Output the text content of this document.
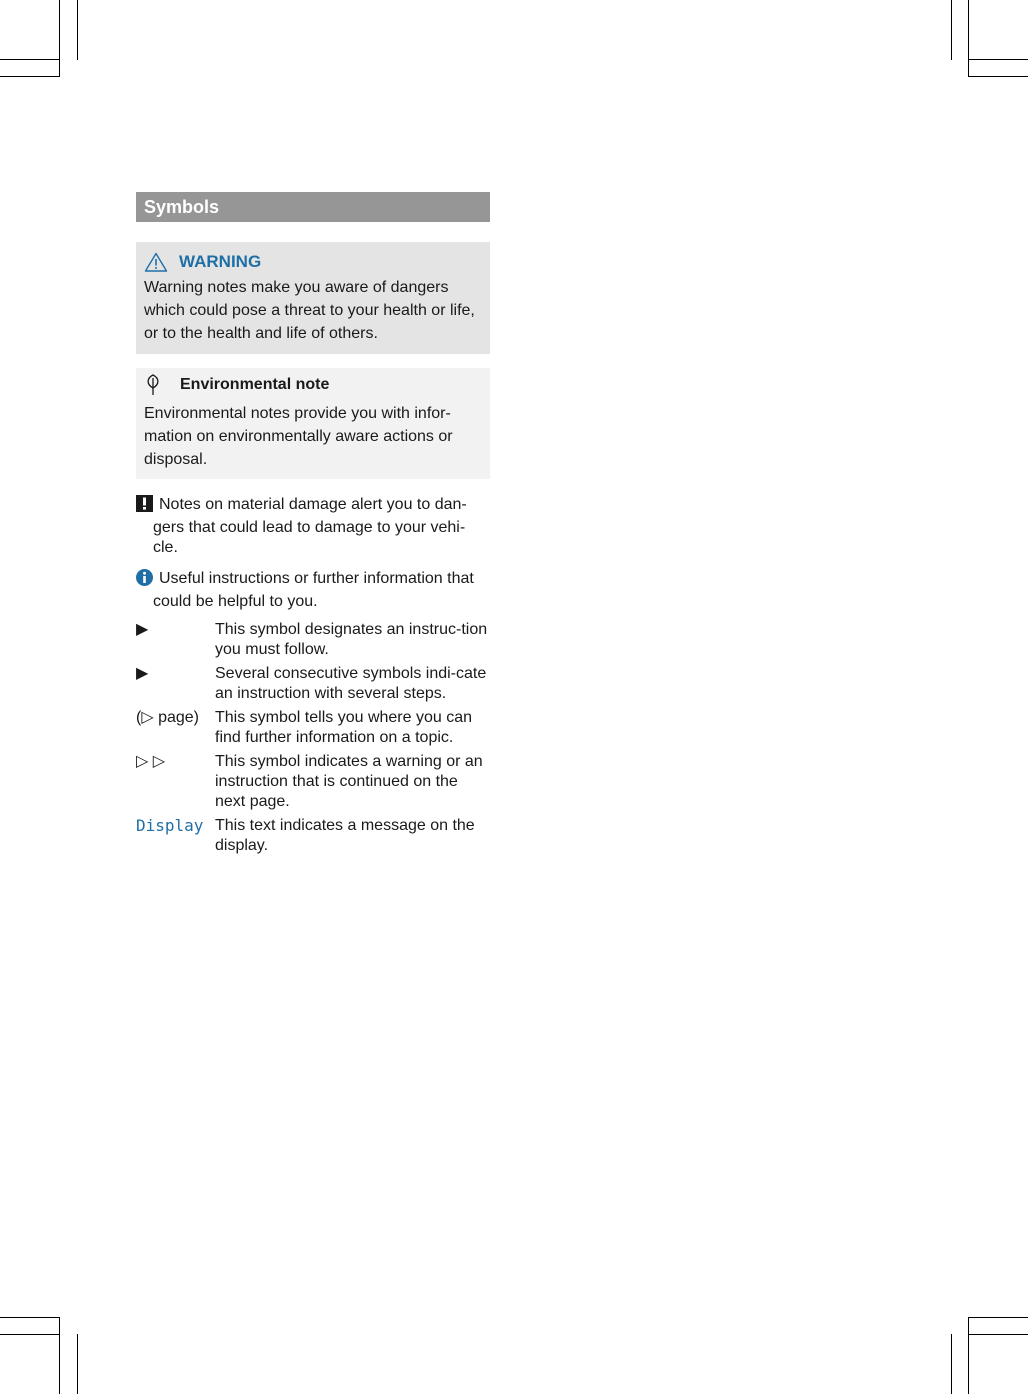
Symbols
WARNING
Warning notes make you aware of dangers which could pose a threat to your health or life, or to the health and life of others.
Environmental note
Environmental notes provide you with infor-mation on environmentally aware actions or disposal.
Notes on material damage alert you to dan-gers that could lead to damage to your vehi-cle.
Useful instructions or further information that could be helpful to you.
▶	This symbol designates an instruc-tion you must follow.
▶	Several consecutive symbols indi-cate an instruction with several steps.
(▷ page)	This symbol tells you where you can find further information on a topic.
▷ ▷	This symbol indicates a warning or an instruction that is continued on the next page.
Display This text indicates a message on the display.
